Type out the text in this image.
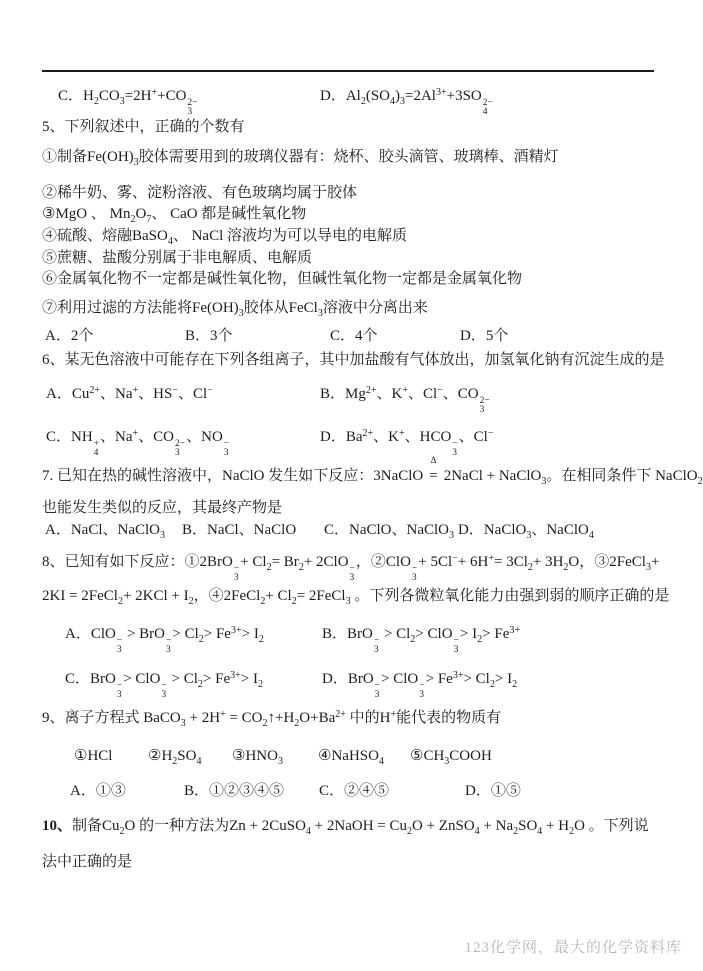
C．$H_2CO_3=2H^++CO$ 2−
3
D．$Al_2(SO_4)_3=2Al^{3+}+3SO$ 2−
4
5、下列叙述中，正确的个数有
①制备$Fe(OH)_3$胶体需要用到的玻璃仪器有：烧杯、胶头滴管、玻璃棒、酒精灯
②稀牛奶、雾、淀粉溶液、有色玻璃均属于胶体
③MgO 、 $Mn_2O_7$、 CaO 都是碱性氧化物
④硫酸、熔融BaSO$_4$、 NaCl 溶液均为可以导电的电解质
⑤蔗糖、盐酸分别属于非电解质、电解质
⑥金属氧化物不一定都是碱性氧化物，但碱性氧化物一定都是金属氧化物
⑦利用过滤的方法能将$Fe(OH)_3$胶体从FeCl$_3$溶液中分离出来
A．2个	B．3个	C．4个	D．5个
6、某无色溶液中可能存在下列各组离子，其中加盐酸有气体放出，加氢氧化钠有沉淀生成的是
A．$Cu^{2+}$、Na+、HS−、Cl−	B．$Mg^{2+}$、K+、Cl−、CO 2−
3
C．NH +
4
、Na+、CO 2−
3
、NO −
3
D．$Ba^{2+}$、K+、HCO −
3
、Cl−
7. 已知在热的碱性溶液中，NaClO 发生如下反应：3NaClO =
Δ
2NaCl + NaClO$_3$。在相同条件下 NaClO$_2$
也能发生类似的反应，其最终产物是
A．NaCl、NaClO$_3$ B．NaCl、NaClO C．NaClO、NaClO$_3$ D．NaClO$_3$、NaClO$_4$
8、已知有如下反应：①2BrO −
3
+ $Cl_2= Br_2+ 2ClO$ −
3
，②ClO −
3
+ $5Cl^-+ 6H^+= 3Cl_2+ 3H_2O$，③2FeCl$_3$+
2KI = 2FeCl$_2$+ $2KCl + I_2$，④2FeCl$_2$+ $Cl_2=$ 2FeCl$_3$ 。下列各微粒氧化能力由强到弱的顺序正确的是
A．ClO −
3
> BrO −
3
> $Cl_2> Fe^{3+}> I_2$	B．BrO −
3
> $Cl_2>$ ClO −
3
> $I_2> Fe^{3+}$
C．BrO −
3
> ClO −
3
> $Cl_2> Fe^{3+}> I_2$	D．BrO −
3
> ClO −
3
> $Fe^{3+}> Cl_2> I_2$
9、离子方程式 BaCO$_3$ + $2H^+ = CO_2↑+H_2O+Ba^{2+}$ 中的H+能代表的物质有
①HCl $②H_2SO_4$ $③HNO_3$ ④NaHSO$_4$ $⑤CH_3COOH$
A．①③	B．①②③④⑤ C．②④⑤	D．①⑤
10、制备$Cu_2O$ 的一种方法为Zn + 2CuSO$_4$ + 2NaOH = $Cu_2O$ + ZnSO$_4$ + $Na_2SO_4 + H_2O$ 。下列说
法中正确的是
123化学网，最大的化学资料库
